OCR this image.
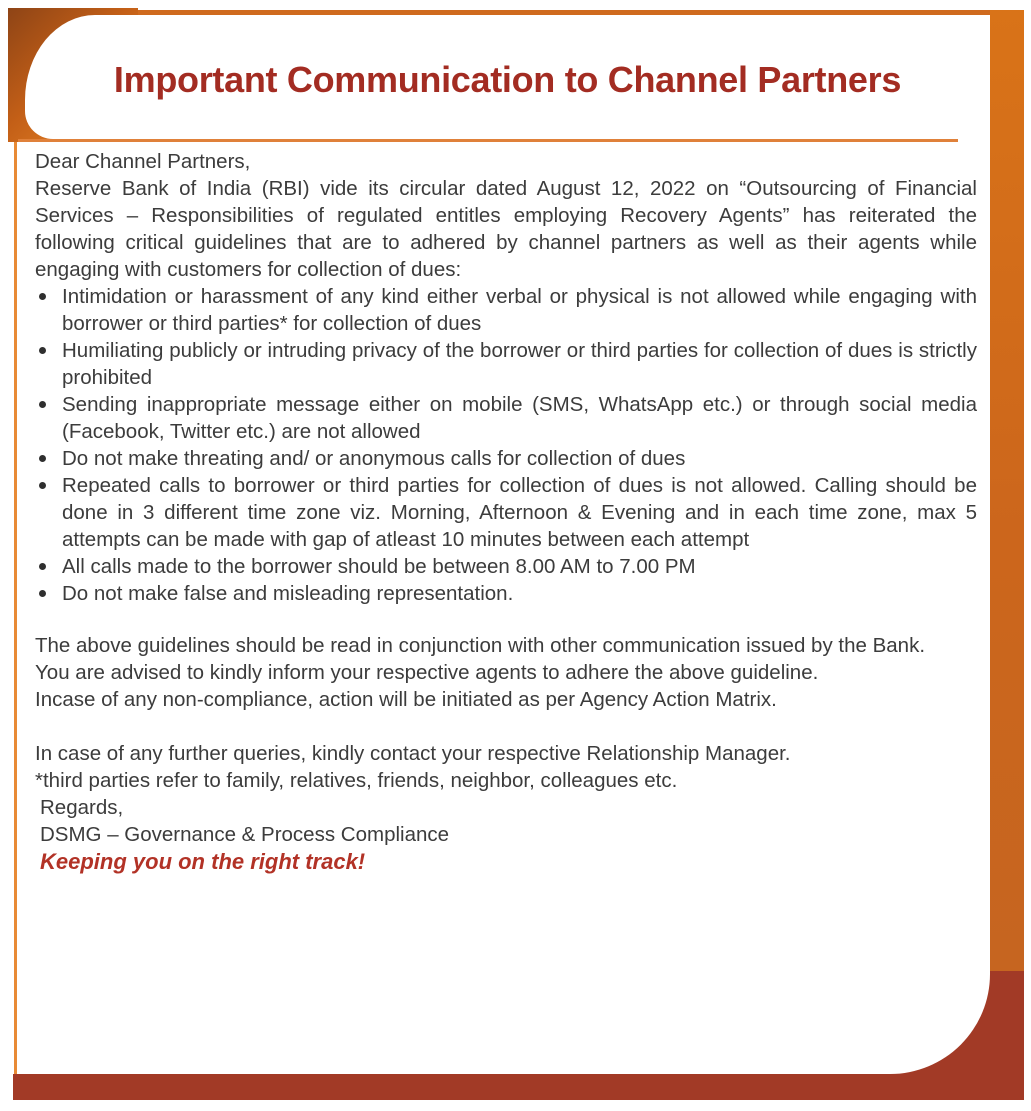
Important Communication to Channel Partners

Dear Channel Partners,

Reserve Bank of India (RBI) vide its circular dated August 12, 2022 on “Outsourcing of Financial Services – Responsibilities of regulated entitles employing Recovery Agents” has reiterated the following critical guidelines that are to adhered by channel partners as well as their agents while engaging with customers for collection of dues:

Intimidation or harassment of any kind either verbal or physical is not allowed while engaging with borrower or third parties* for collection of dues
Humiliating publicly or intruding privacy of the borrower or third parties for collection of dues is strictly prohibited
Sending inappropriate message either on mobile (SMS, WhatsApp etc.) or through social media (Facebook, Twitter etc.) are not allowed
Do not make threating and/ or anonymous calls for collection of dues
Repeated calls to borrower or third parties for collection of dues is not allowed. Calling should be done in 3 different time zone viz. Morning, Afternoon & Evening and in each time zone, max 5 attempts can be made with gap of atleast 10 minutes between each attempt
All calls made to the borrower should be between 8.00 AM to 7.00 PM
Do not make false and misleading representation.

The above guidelines should be read in conjunction with other communication issued by the Bank.

You are advised to kindly inform your respective agents to adhere the above guideline.

Incase of any non-compliance, action will be initiated as per Agency Action Matrix.

In case of any further queries, kindly contact your respective Relationship Manager.

*third parties refer to family, relatives, friends, neighbor, colleagues etc.

Regards,

DSMG – Governance & Process Compliance

Keeping you on the right track!
